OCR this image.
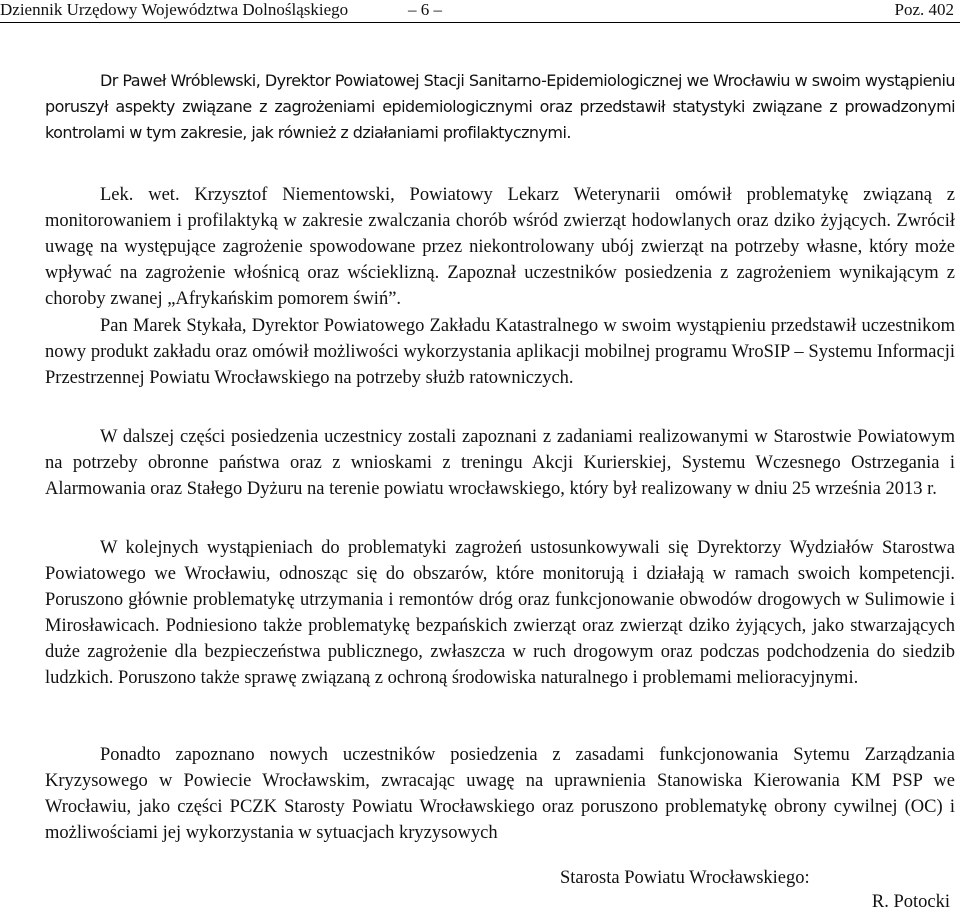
Dziennik Urzędowy Województwa Dolnośląskiego	– 6 –	Poz. 402

Dr Paweł Wróblewski, Dyrektor Powiatowej Stacji Sanitarno-Epidemiologicznej we Wrocławiu w swoim wystąpieniu poruszył aspekty związane z zagrożeniami epidemiologicznymi oraz przedstawił statystyki związane z prowadzonymi kontrolami w tym zakresie, jak również z działaniami profilaktycznymi.

Lek. wet. Krzysztof Niementowski, Powiatowy Lekarz Weterynarii omówił problematykę związaną z monitorowaniem i profilaktyką w zakresie zwalczania chorób wśród zwierząt hodowlanych oraz dziko żyjących. Zwrócił uwagę na występujące zagrożenie spowodowane przez niekontrolowany ubój zwierząt na potrzeby własne, który może wpływać na zagrożenie włośnicą oraz wścieklizną. Zapoznał uczestników posiedzenia z zagrożeniem wynikającym z choroby zwanej „Afrykańskim pomorem świń”.

Pan Marek Stykała, Dyrektor Powiatowego Zakładu Katastralnego w swoim wystąpieniu przedstawił uczestnikom nowy produkt zakładu oraz omówił możliwości wykorzystania aplikacji mobilnej programu WroSIP – Systemu Informacji Przestrzennej Powiatu Wrocławskiego na potrzeby służb ratowniczych.

W dalszej części posiedzenia uczestnicy zostali zapoznani z zadaniami realizowanymi w Starostwie Powiatowym na potrzeby obronne państwa oraz z wnioskami z treningu Akcji Kurierskiej, Systemu Wczesnego Ostrzegania i Alarmowania oraz Stałego Dyżuru na terenie powiatu wrocławskiego, który był realizowany w dniu 25 września 2013 r.

W kolejnych wystąpieniach do problematyki zagrożeń ustosunkowywali się Dyrektorzy Wydziałów Starostwa Powiatowego we Wrocławiu, odnosząc się do obszarów, które monitorują i działają w ramach swoich kompetencji. Poruszono głównie problematykę utrzymania i remontów dróg oraz funkcjonowanie obwodów drogowych w Sulimowie i Mirosławicach. Podniesiono także problematykę bezpańskich zwierząt oraz zwierząt dziko żyjących, jako stwarzających duże zagrożenie dla bezpieczeństwa publicznego, zwłaszcza w ruch drogowym oraz podczas podchodzenia do siedzib ludzkich. Poruszono także sprawę związaną z ochroną środowiska naturalnego i problemami melioracyjnymi.

Ponadto zapoznano nowych uczestników posiedzenia z zasadami funkcjonowania Sytemu Zarządzania Kryzysowego w Powiecie Wrocławskim, zwracając uwagę na uprawnienia Stanowiska Kierowania KM PSP we Wrocławiu, jako części PCZK Starosty Powiatu Wrocławskiego oraz poruszono problematykę obrony cywilnej (OC) i możliwościami jej wykorzystania w sytuacjach kryzysowych

Starosta Powiatu Wrocławskiego:
R. Potocki
